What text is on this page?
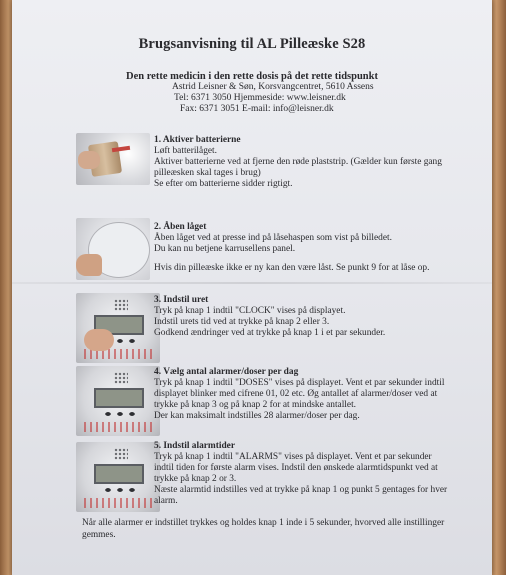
Brugsanvisning til AL Pilleæske S28
Den rette medicin i den rette dosis på det rette tidspunkt
Astrid Leisner & Søn, Korsvangcentret, 5610 Assens
Tel: 6371 3050 Hjemmeside: www.leisner.dk
Fax: 6371 3051 E-mail: info@leisner.dk

1. Aktiver batterierne

Løft batterilåget.

Aktiver batterierne ved at fjerne den røde plaststrip. (Gælder kun første gang

pilleæsken skal tages i brug)

Se efter om batterierne sidder rigtigt.

2. Åben låget

Åben låget ved at presse ind på låsehaspen som vist på billedet.

Du kan nu betjene karrusellens panel.

Hvis din pilleæske ikke er ny kan den være låst. Se punkt 9 for at låse op.

3. Indstil uret

Tryk på knap 1 indtil "CLOCK" vises på displayet.

Indstil urets tid ved at trykke på knap 2 eller 3.

Godkend ændringer ved at trykke på knap 1 i et par sekunder.

4. Vælg antal alarmer/doser per dag

Tryk på knap 1 indtil "DOSES" vises på displayet. Vent et par sekunder indtil

displayet blinker med cifrene 01, 02 etc. Øg antallet af alarmer/doser ved at

trykke på knap 3 og på knap 2 for at mindske antallet.

Der kan maksimalt indstilles 28 alarmer/doser per dag.

5. Indstil alarmtider

Tryk på knap 1 indtil "ALARMS" vises på displayet. Vent et par sekunder

indtil tiden for første alarm vises. Indstil den ønskede alarmtidspunkt ved at

trykke på knap 2 or 3.

Næste alarmtid indstilles ved at trykke på knap 1 og punkt 5 gentages for hver

alarm.

Når alle alarmer er indstillet trykkes og holdes knap 1 inde i 5 sekunder, hvorved alle instillinger
gemmes.
